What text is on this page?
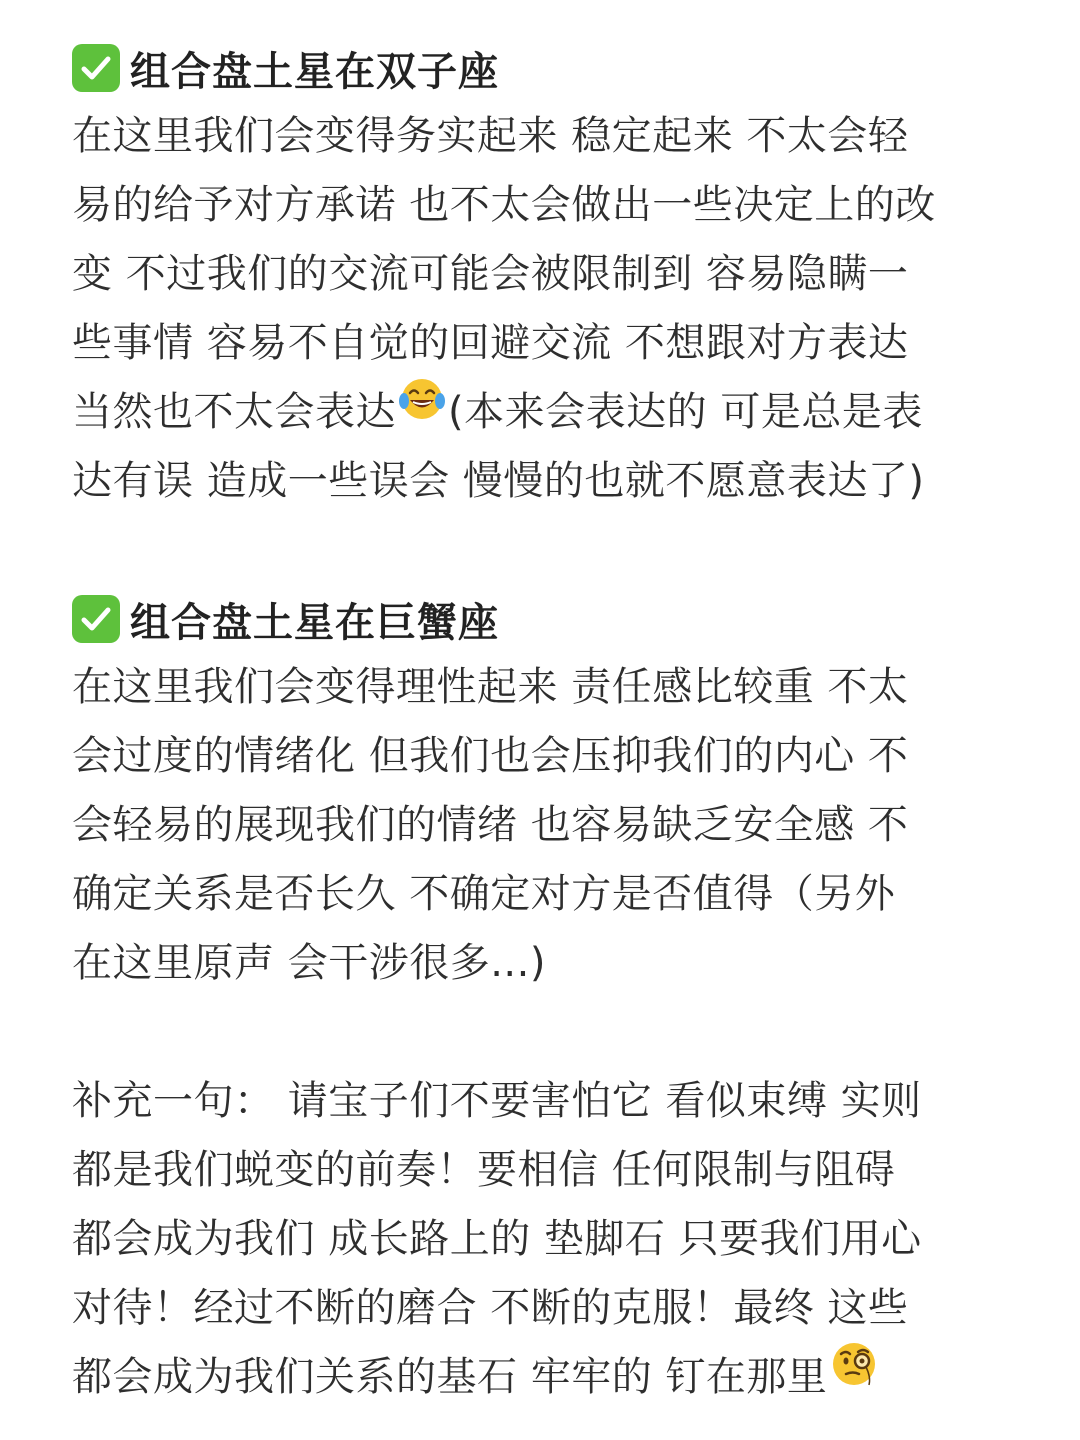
组合盘土星在双子座
在这里我们会变得务实起来 稳定起来 不太会轻
易的给予对方承诺 也不太会做出一些决定上的改
变 不过我们的交流可能会被限制到 容易隐瞒一
些事情 容易不自觉的回避交流 不想跟对方表达
当然也不太会表达 (本来会表达的 可是总是表
达有误 造成一些误会 慢慢的也就不愿意表达了)
组合盘土星在巨蟹座
在这里我们会变得理性起来 责任感比较重 不太
会过度的情绪化 但我们也会压抑我们的内心 不
会轻易的展现我们的情绪 也容易缺乏安全感 不
确定关系是否长久 不确定对方是否值得（另外
在这里原声 会干涉很多...)
补充一句： 请宝子们不要害怕它 看似束缚 实则
都是我们蜕变的前奏！要相信 任何限制与阻碍
都会成为我们 成长路上的 垫脚石 只要我们用心
对待！经过不断的磨合 不断的克服！最终 这些
都会成为我们关系的基石 牢牢的 钉在那里
